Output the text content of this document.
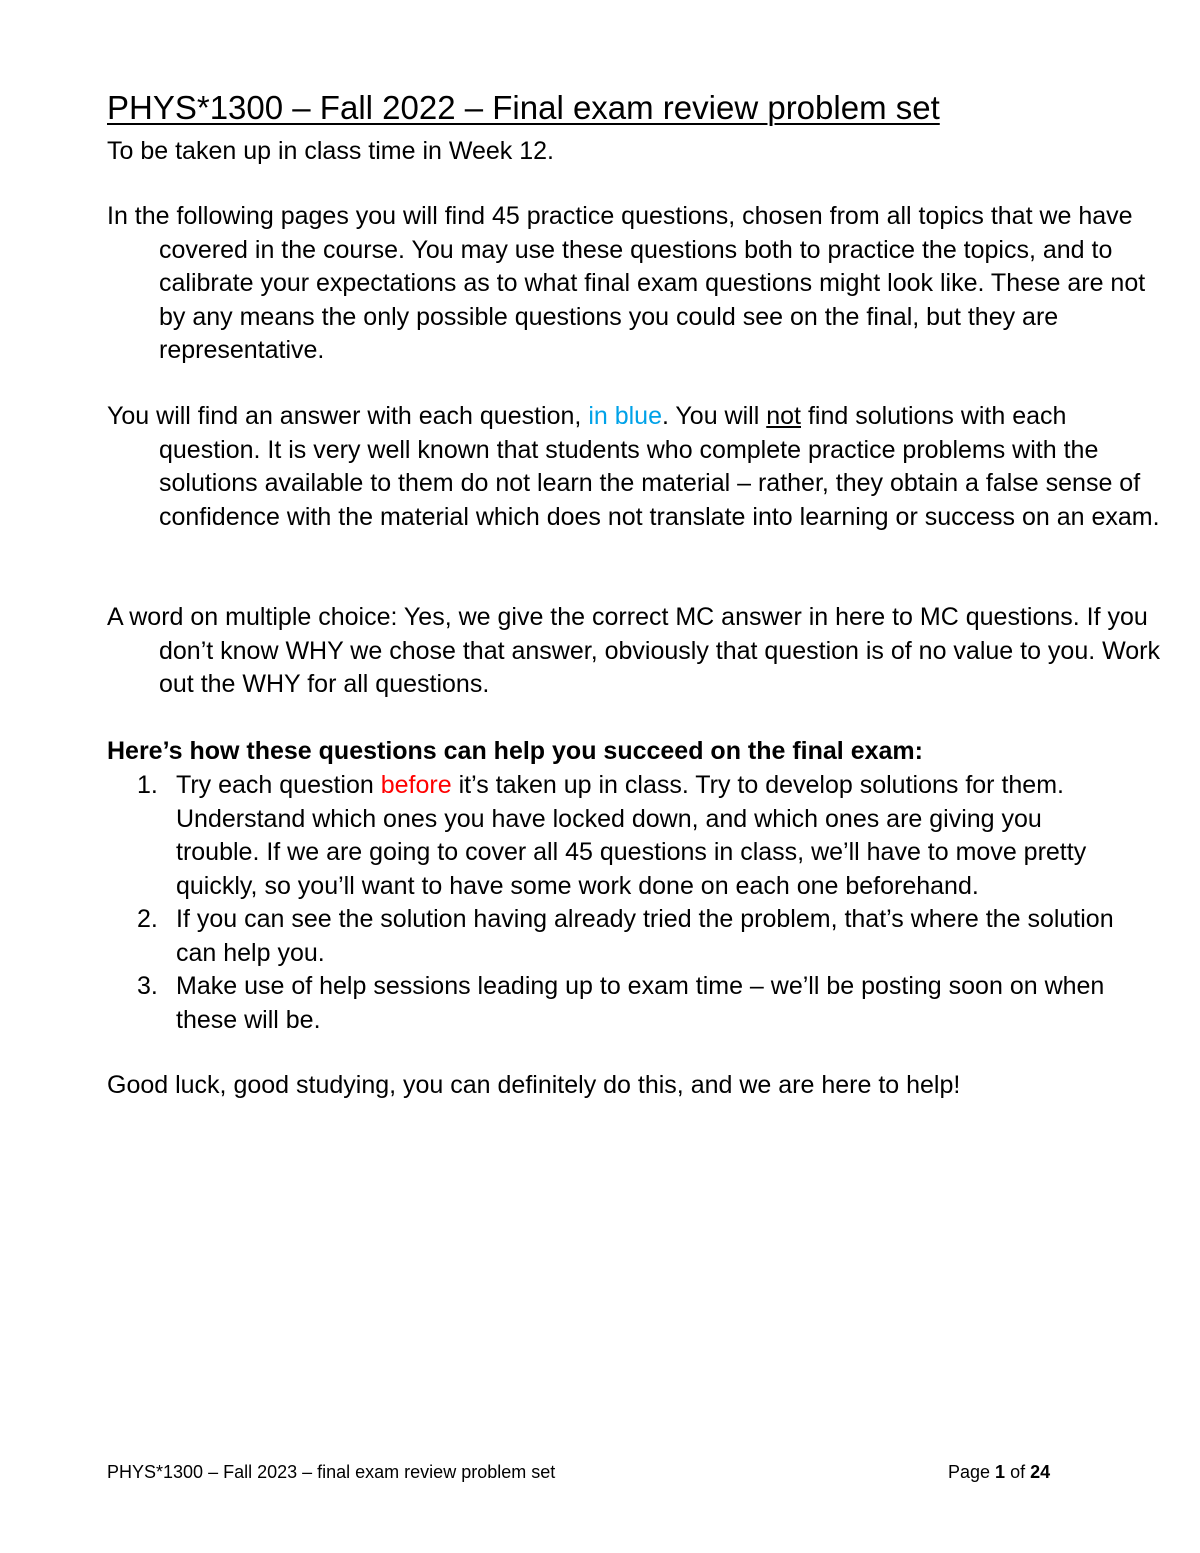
PHYS*1300 – Fall 2022 – Final exam review problem set

To be taken up in class time in Week 12.

In the following pages you will find 45 practice questions, chosen from all topics that we have covered in the course. You may use these questions both to practice the topics, and to calibrate your expectations as to what final exam questions might look like. These are not by any means the only possible questions you could see on the final, but they are representative.

You will find an answer with each question, in blue. You will not find solutions with each question. It is very well known that students who complete practice problems with the solutions available to them do not learn the material – rather, they obtain a false sense of confidence with the material which does not translate into learning or success on an exam.

A word on multiple choice: Yes, we give the correct MC answer in here to MC questions. If you don’t know WHY we chose that answer, obviously that question is of no value to you. Work out the WHY for all questions.

Here’s how these questions can help you succeed on the final exam:

1. Try each question before it’s taken up in class. Try to develop solutions for them. Understand which ones you have locked down, and which ones are giving you trouble. If we are going to cover all 45 questions in class, we’ll have to move pretty quickly, so you’ll want to have some work done on each one beforehand.
2. If you can see the solution having already tried the problem, that’s where the solution can help you.
3. Make use of help sessions leading up to exam time – we’ll be posting soon on when these will be.

Good luck, good studying, you can definitely do this, and we are here to help!

PHYS*1300 – Fall 2023 – final exam review problem set	Page 1 of 24
